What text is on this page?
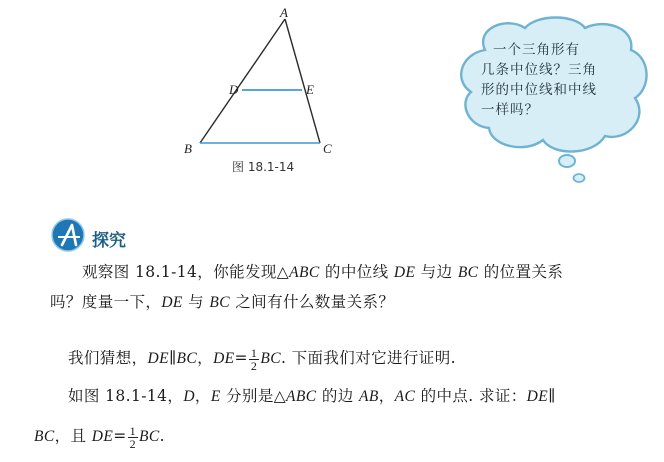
A
D	E
B	C
图 18.1-14
一个三角形有
几条中位线？三角
形的中位线和中线
一样吗？
探究
观察图 18.1-14，你能发现△ABC 的中位线 DE 与边 BC 的位置关系
吗？度量一下，DE 与 BC 之间有什么数量关系？
我们猜想，DE∥BC，$DE= \frac{1}{2}$ BC. 下面我们对它进行证明.
如图 18.1-14，D，E 分别是△ABC 的边 AB，AC 的中点. 求证：DE∥
BC，且 $DE= \frac{1}{2}$ BC.
